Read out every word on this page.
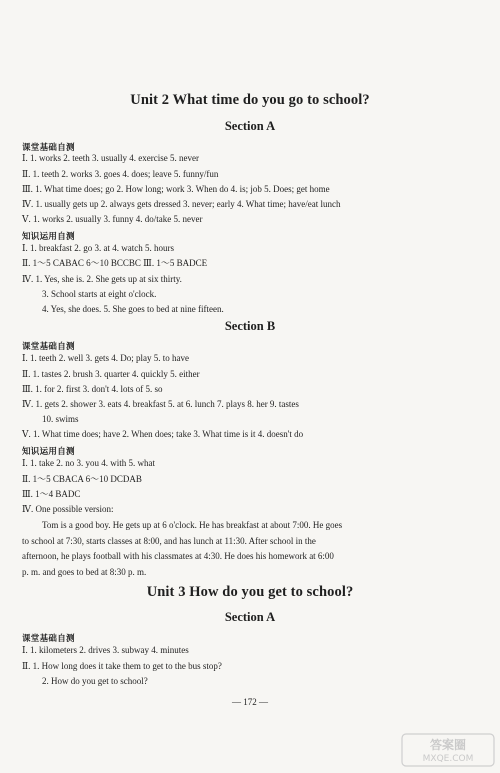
Unit 2 What time do you go to school?
Section A
课堂基础自测
Ⅰ. 1. works 2. teeth 3. usually 4. exercise 5. never
Ⅱ. 1. teeth 2. works 3. goes 4. does; leave 5. funny/fun
Ⅲ. 1. What time does; go 2. How long; work 3. When do 4. is; job 5. Does; get home
Ⅳ. 1. usually gets up 2. always gets dressed 3. never; early 4. What time; have/eat lunch
Ⅴ. 1. works 2. usually 3. funny 4. do/take 5. never
知识运用自测
Ⅰ. 1. breakfast 2. go 3. at 4. watch 5. hours
Ⅱ. 1～5 CABAC 6～10 BCCBC Ⅲ. 1～5 BADCE
Ⅳ. 1. Yes, she is. 2. She gets up at six thirty.
3. School starts at eight o'clock.
4. Yes, she does. 5. She goes to bed at nine fifteen.
Section B
课堂基础自测
Ⅰ. 1. teeth 2. well 3. gets 4. Do; play 5. to have
Ⅱ. 1. tastes 2. brush 3. quarter 4. quickly 5. either
Ⅲ. 1. for 2. first 3. don't 4. lots of 5. so
Ⅳ. 1. gets 2. shower 3. eats 4. breakfast 5. at 6. lunch 7. plays 8. her 9. tastes
10. swims
Ⅴ. 1. What time does; have 2. When does; take 3. What time is it 4. doesn't do
知识运用自测
Ⅰ. 1. take 2. no 3. you 4. with 5. what
Ⅱ. 1～5 CBACA 6～10 DCDAB
Ⅲ. 1～4 BADC
Ⅳ. One possible version:
Tom is a good boy. He gets up at 6 o'clock. He has breakfast at about 7:00. He goes
to school at 7:30, starts classes at 8:00, and has lunch at 11:30. After school in the
afternoon, he plays football with his classmates at 4:30. He does his homework at 6:00
p. m. and goes to bed at 8:30 p. m.
Unit 3 How do you get to school?
Section A
课堂基础自测
Ⅰ. 1. kilometers 2. drives 3. subway 4. minutes
Ⅱ. 1. How long does it take them to get to the bus stop?
2. How do you get to school?
— 172 —
答案圈
MXQE.COM
